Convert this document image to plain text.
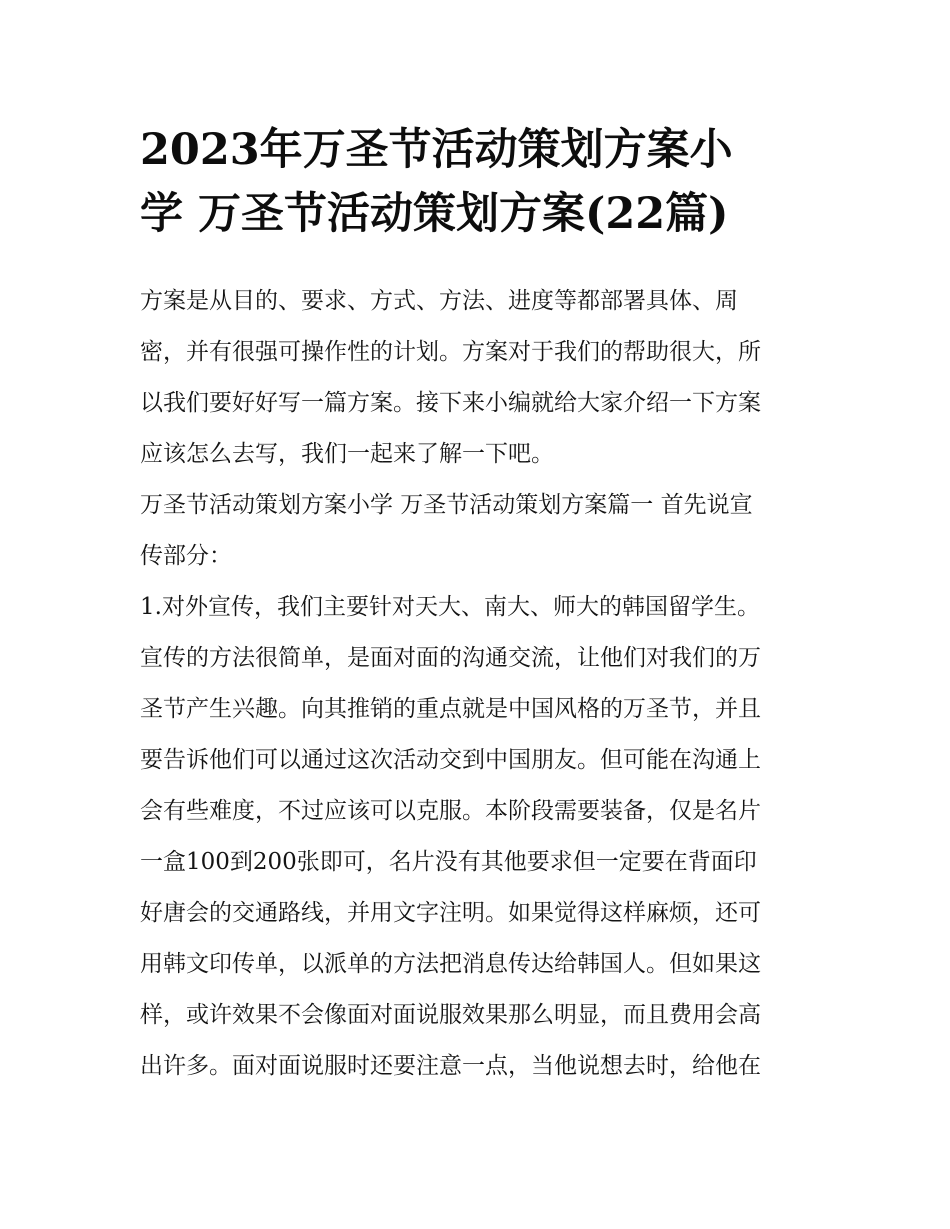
2023年万圣节活动策划方案小
学 万圣节活动策划方案(22篇)
方案是从目的、要求、方式、方法、进度等都部署具体、周
密，并有很强可操作性的计划。方案对于我们的帮助很大，所
以我们要好好写一篇方案。接下来小编就给大家介绍一下方案
应该怎么去写，我们一起来了解一下吧。
万圣节活动策划方案小学 万圣节活动策划方案篇一 首先说宣
传部分：
1.对外宣传，我们主要针对天大、南大、师大的韩国留学生。
宣传的方法很简单，是面对面的沟通交流，让他们对我们的万
圣节产生兴趣。向其推销的重点就是中国风格的万圣节，并且
要告诉他们可以通过这次活动交到中国朋友。但可能在沟通上
会有些难度，不过应该可以克服。本阶段需要装备，仅是名片
一盒100到200张即可，名片没有其他要求但一定要在背面印
好唐会的交通路线，并用文字注明。如果觉得这样麻烦，还可
用韩文印传单，以派单的方法把消息传达给韩国人。但如果这
样，或许效果不会像面对面说服效果那么明显，而且费用会高
出许多。面对面说服时还要注意一点，当他说想去时，给他在
